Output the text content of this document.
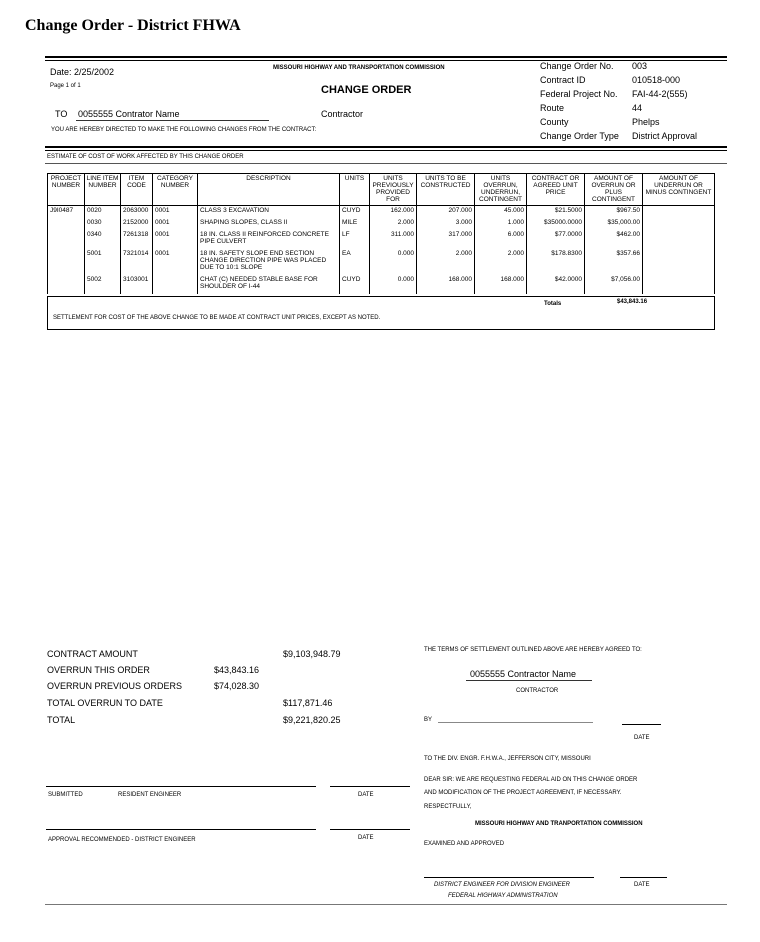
Change Order - District FHWA
Date: 2/25/2002
Page 1 of 1
MISSOURI HIGHWAY AND TRANSPORTATION COMMISSION
CHANGE ORDER
TO 0055555 Contrator Name	Contractor
YOU ARE HEREBY DIRECTED TO MAKE THE FOLLOWING CHANGES FROM THE CONTRACT:
Change Order No. 003
Contract ID	010518-000
Federal Project No. FAI-44-2(555)
Route	44
County	Phelps
Change Order Type District Approval
ESTIMATE OF COST OF WORK AFFECTED BY THIS CHANGE ORDER
PROJECT NUMBER	LINE ITEM NUMBER	ITEM CODE	CATEGORY NUMBER	DESCRIPTION	UNITS	UNITS PREVIOUSLY PROVIDED FOR	UNITS TO BE CONSTRUCTED	UNITS OVERRUN, UNDERRUN, CONTINGENT	CONTRACT OR AGREED UNIT PRICE	AMOUNT OF OVERRUN OR PLUS CONTINGENT	AMOUNT OF UNDERRUN OR MINUS CONTINGENT
J9I0487	0020	2063000	0001	CLASS 3 EXCAVATION	CUYD	162.000	207.000	45.000	$21.5000	$967.50	
	0030	2152000	0001	SHAPING SLOPES, CLASS II	MILE	2.000	3.000	1.000	$35000.0000	$35,000.00	
	0340	7261318	0001	18 IN. CLASS II REINFORCED CONCRETE PIPE CULVERT	LF	311.000	317.000	6.000	$77.0000	$462.00	
	5001	7321014	0001	18 IN. SAFETY SLOPE END SECTION CHANGE DIRECTION PIPE WAS PLACED DUE TO 10:1 SLOPE	EA	0.000	2.000	2.000	$178.8300	$357.66	
	5002	3103001		CHAT (C) NEEDED STABLE BASE FOR SHOULDER OF I-44	CUYD	0.000	168.000	168.000	$42.0000	$7,056.00	
Totals	$43,843.16
SETTLEMENT FOR COST OF THE ABOVE CHANGE TO BE MADE AT CONTRACT UNIT PRICES, EXCEPT AS NOTED.
CONTRACT AMOUNT	$9,103,948.79
OVERRUN THIS ORDER	$43,843.16
OVERRUN PREVIOUS ORDERS	$74,028.30
TOTAL OVERRUN TO DATE	$117,871.46
TOTAL	$9,221,820.25
SUBMITTED	RESIDENT ENGINEER	DATE
APPROVAL RECOMMENDED - DISTRICT ENGINEER	DATE
THE TERMS OF SETTLEMENT OUTLINED ABOVE ARE HEREBY AGREED TO:
0055555 Contractor Name
CONTRACTOR
BY
DATE
TO THE DIV. ENGR. F.H.W.A., JEFFERSON CITY, MISSOURI
DEAR SIR: WE ARE REQUESTING FEDERAL AID ON THIS CHANGE ORDER
AND MODIFICATION OF THE PROJECT AGREEMENT, IF NECESSARY.
RESPECTFULLY,
MISSOURI HIGHWAY AND TRANPORTATION COMMISSION
EXAMINED AND APPROVED
DISTRICT ENGINEER FOR DIVISION ENGINEER	DATE
FEDERAL HIGHWAY ADMINISTRATION
